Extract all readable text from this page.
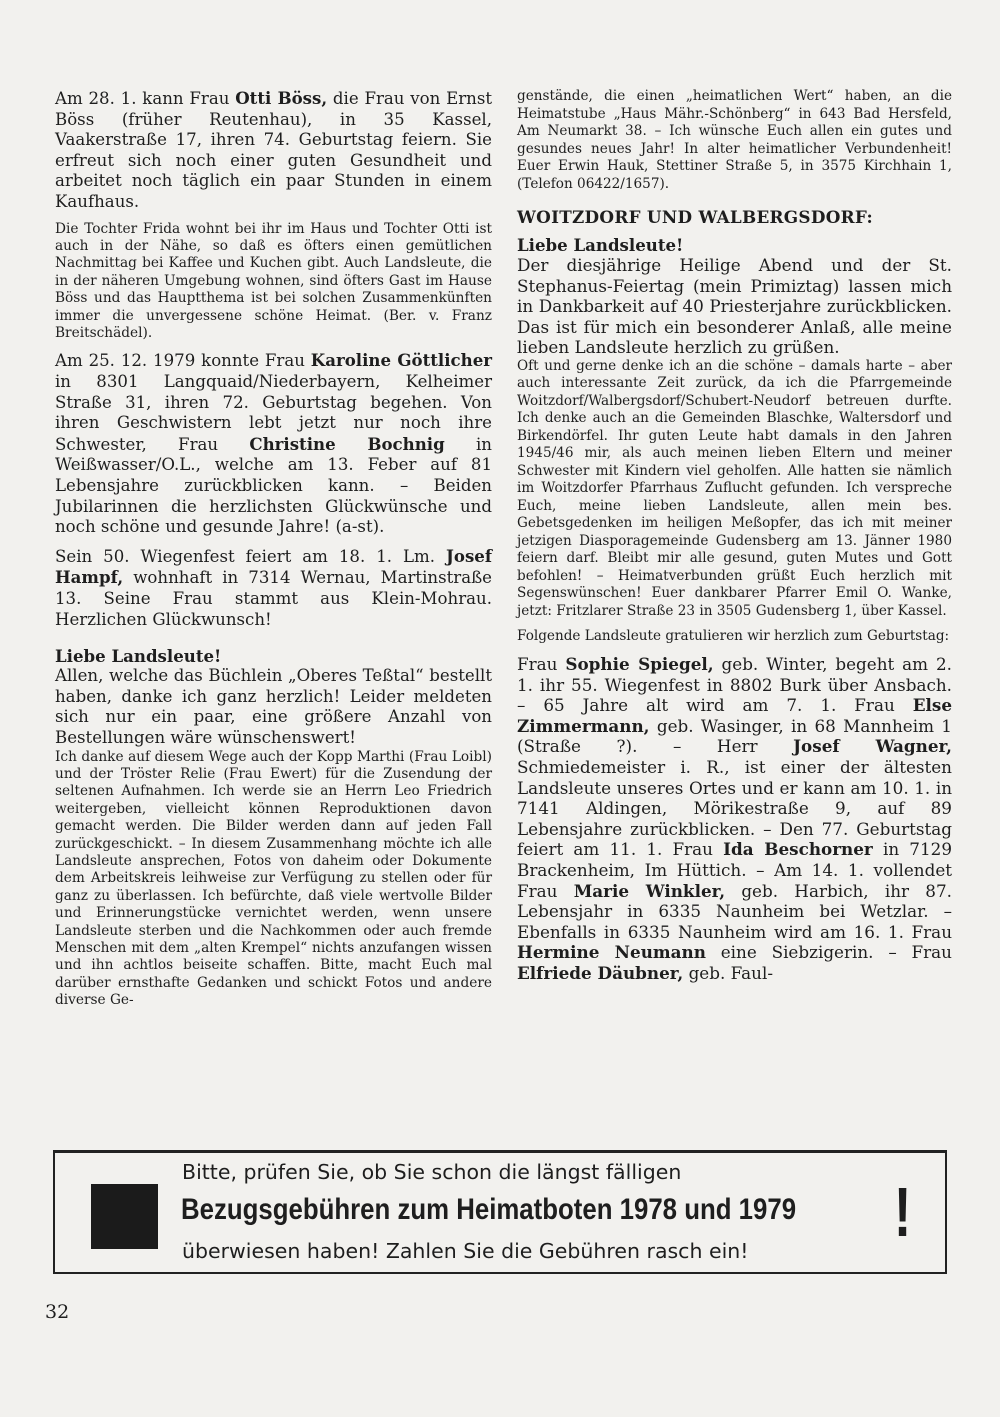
Am 28. 1. kann Frau Otti Böss, die Frau von Ernst Böss (früher Reutenhau), in 35 Kassel, Vaakerstraße 17, ihren 74. Geburtstag feiern. Sie erfreut sich noch einer guten Gesundheit und arbeitet noch täglich ein paar Stunden in einem Kaufhaus.

Die Tochter Frida wohnt bei ihr im Haus und Tochter Otti ist auch in der Nähe, so daß es öfters einen gemütlichen Nachmittag bei Kaffee und Kuchen gibt. Auch Landsleute, die in der näheren Umgebung wohnen, sind öfters Gast im Hause Böss und das Hauptthema ist bei solchen Zusammenkünften immer die unvergessene schöne Heimat. (Ber. v. Franz Breitschädel).

Am 25. 12. 1979 konnte Frau Karoline Göttlicher in 8301 Langquaid/Niederbayern, Kelheimer Straße 31, ihren 72. Geburtstag begehen. Von ihren Geschwistern lebt jetzt nur noch ihre Schwester, Frau Christine Bochnig in Weißwasser/O.L., welche am 13. Feber auf 81 Lebensjahre zurückblicken kann. – Beiden Jubilarinnen die herzlichsten Glückwünsche und noch schöne und gesunde Jahre! (a-st).

Sein 50. Wiegenfest feiert am 18. 1. Lm. Josef Hampf, wohnhaft in 7314 Wernau, Martinstraße 13. Seine Frau stammt aus Klein-Mohrau. Herzlichen Glückwunsch!

Liebe Landsleute!

Allen, welche das Büchlein „Oberes Teßtal“ bestellt haben, danke ich ganz herzlich! Leider meldeten sich nur ein paar, eine größere Anzahl von Bestellungen wäre wünschenswert!

Ich danke auf diesem Wege auch der Kopp Marthi (Frau Loibl) und der Tröster Relie (Frau Ewert) für die Zusendung der seltenen Aufnahmen. Ich werde sie an Herrn Leo Friedrich weitergeben, vielleicht können Reproduktionen davon gemacht werden. Die Bilder werden dann auf jeden Fall zurückgeschickt. – In diesem Zusammenhang möchte ich alle Landsleute ansprechen, Fotos von daheim oder Dokumente dem Arbeitskreis leihweise zur Verfügung zu stellen oder für ganz zu überlassen. Ich befürchte, daß viele wertvolle Bilder und Erinnerungstücke vernichtet werden, wenn unsere Landsleute sterben und die Nachkommen oder auch fremde Menschen mit dem „alten Krempel“ nichts anzufangen wissen und ihn achtlos beiseite schaffen. Bitte, macht Euch mal darüber ernsthafte Gedanken und schickt Fotos und andere diverse Ge-

genstände, die einen „heimatlichen Wert“ haben, an die Heimatstube „Haus Mähr.-Schönberg“ in 643 Bad Hersfeld, Am Neumarkt 38. – Ich wünsche Euch allen ein gutes und gesundes neues Jahr! In alter heimatlicher Verbundenheit! Euer Erwin Hauk, Stettiner Straße 5, in 3575 Kirchhain 1, (Telefon 06422/1657).

WOITZDORF UND WALBERGSDORF:

Liebe Landsleute!

Der diesjährige Heilige Abend und der St. Stephanus-Feiertag (mein Primiztag) lassen mich in Dankbarkeit auf 40 Priesterjahre zurückblicken. Das ist für mich ein besonderer Anlaß, alle meine lieben Landsleute herzlich zu grüßen.

Oft und gerne denke ich an die schöne – damals harte – aber auch interessante Zeit zurück, da ich die Pfarrgemeinde Woitzdorf/Walbergsdorf/Schubert-Neudorf betreuen durfte. Ich denke auch an die Gemeinden Blaschke, Waltersdorf und Birkendörfel. Ihr guten Leute habt damals in den Jahren 1945/46 mir, als auch meinen lieben Eltern und meiner Schwester mit Kindern viel geholfen. Alle hatten sie nämlich im Woitzdorfer Pfarrhaus Zuflucht gefunden. Ich verspreche Euch, meine lieben Landsleute, allen mein bes. Gebetsgedenken im heiligen Meßopfer, das ich mit meiner jetzigen Diasporagemeinde Gudensberg am 13. Jänner 1980 feiern darf. Bleibt mir alle gesund, guten Mutes und Gott befohlen! – Heimatverbunden grüßt Euch herzlich mit Segenswünschen! Euer dankbarer Pfarrer Emil O. Wanke, jetzt: Fritzlarer Straße 23 in 3505 Gudensberg 1, über Kassel.

Folgende Landsleute gratulieren wir herzlich zum Geburtstag:

Frau Sophie Spiegel, geb. Winter, begeht am 2. 1. ihr 55. Wiegenfest in 8802 Burk über Ansbach. – 65 Jahre alt wird am 7. 1. Frau Else Zimmermann, geb. Wasinger, in 68 Mannheim 1 (Straße ?). – Herr Josef Wagner, Schmiedemeister i. R., ist einer der ältesten Landsleute unseres Ortes und er kann am 10. 1. in 7141 Aldingen, Mörikestraße 9, auf 89 Lebensjahre zurückblicken. – Den 77. Geburtstag feiert am 11. 1. Frau Ida Beschorner in 7129 Brackenheim, Im Hüttich. – Am 14. 1. vollendet Frau Marie Winkler, geb. Harbich, ihr 87. Lebensjahr in 6335 Naunheim bei Wetzlar. – Ebenfalls in 6335 Naunheim wird am 16. 1. Frau Hermine Neumann eine Siebzigerin. – Frau Elfriede Däubner, geb. Faul-

Bitte, prüfen Sie, ob Sie schon die längst fälligen
Bezugsgebühren zum Heimatboten 1978 und 1979
überwiesen haben! Zahlen Sie die Gebühren rasch ein! !
32
